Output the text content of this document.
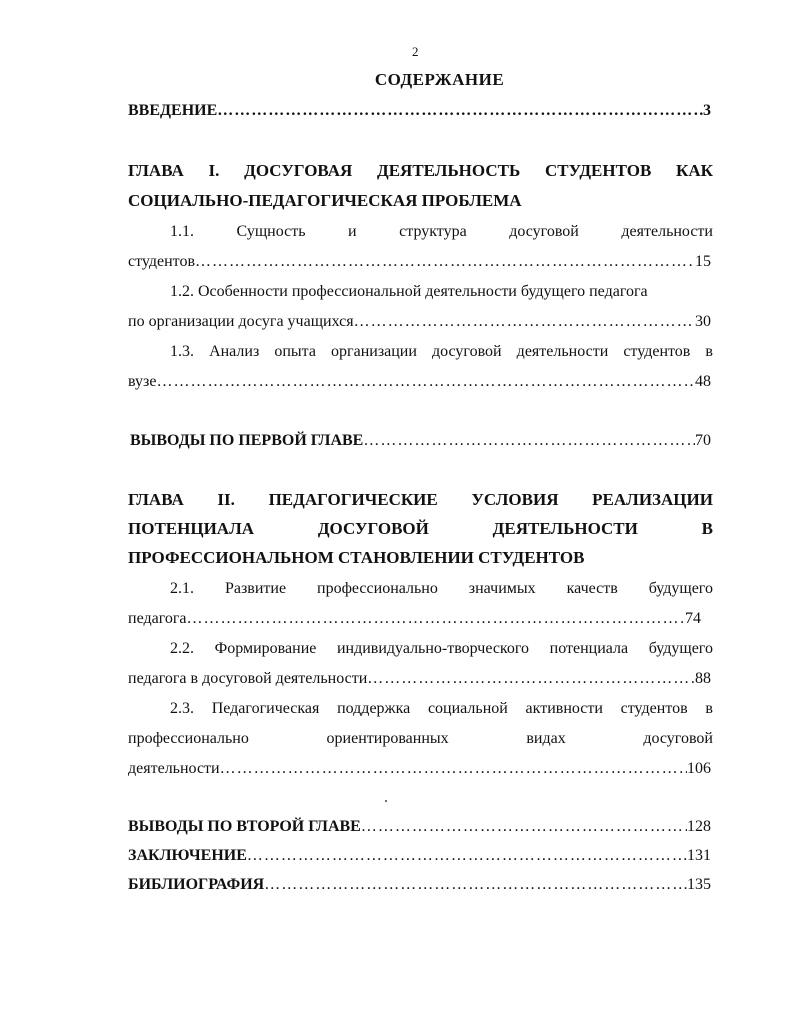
2
СОДЕРЖАНИЕ
ВВЕДЕНИЕ …………………………………………………………………………………………………………………………………………………………………………………………………………	3
ГЛАВА I. ДОСУГОВАЯ ДЕЯТЕЛЬНОСТЬ СТУДЕНТОВ КАК
СОЦИАЛЬНО-ПЕДАГОГИЧЕСКАЯ ПРОБЛЕМА
1.1.	Сущность	и	структура	досуговой	деятельности
студентов …………………………………………………………………………………………………………………………………………………………………………………………………………	15
1.2. Особенности профессиональной деятельности будущего педагога
по организации досуга учащихся …………………………………………………………………………………………………………………………………………………………………………………………………………	30
1.3. Анализ опыта организации досуговой деятельности студентов в
вузе …………………………………………………………………………………………………………………………………………………………………………………………………………	48
ВЫВОДЫ ПО ПЕРВОЙ ГЛАВЕ …………………………………………………………………………………………………………………………………………………………………………………………………………	70
ГЛАВА II. ПЕДАГОГИЧЕСКИЕ УСЛОВИЯ РЕАЛИЗАЦИИ
ПОТЕНЦИАЛА	ДОСУГОВОЙ	ДЕЯТЕЛЬНОСТИ	В
ПРОФЕССИОНАЛЬНОМ СТАНОВЛЕНИИ СТУДЕНТОВ
2.1. Развитие профессионально значимых качеств будущего
педагога …………………………………………………………………………………………………………………………………………………………………………………………………………	74
2.2. Формирование индивидуально-творческого потенциала будущего
педагога в досуговой деятельности …………………………………………………………………………………………………………………………………………………………………………………………………………	88
2.3. Педагогическая поддержка социальной активности студентов в
профессионально	ориентированных	видах	досуговой
деятельности …………………………………………………………………………………………………………………………………………………………………………………………………………	106
ВЫВОДЫ ПО ВТОРОЙ ГЛАВЕ …………………………………………………………………………………………………………………………………………………………………………………………………………	128
ЗАКЛЮЧЕНИЕ …………………………………………………………………………………………………………………………………………………………………………………………………………	131
БИБЛИОГРАФИЯ …………………………………………………………………………………………………………………………………………………………………………………………………………	135
